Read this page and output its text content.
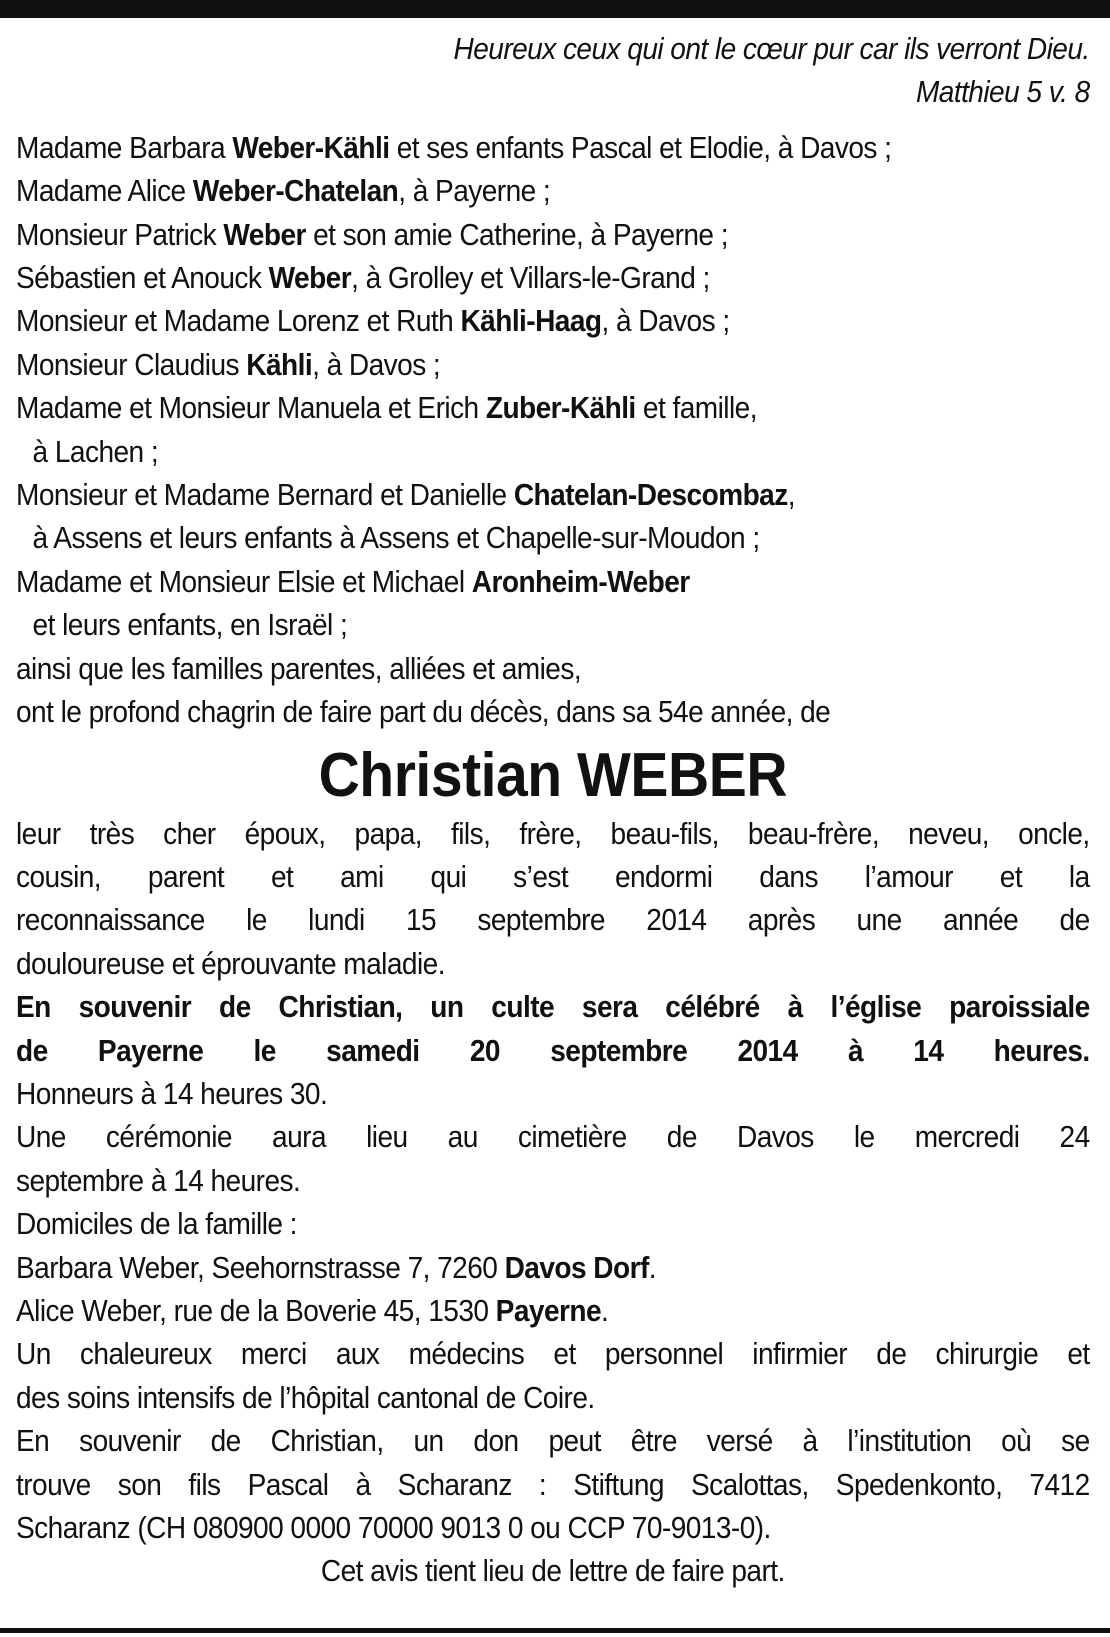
Heureux ceux qui ont le cœur pur car ils verront Dieu.
Matthieu 5 v. 8
Madame Barbara Weber-Kähli et ses enfants Pascal et Elodie, à Davos ;
Madame Alice Weber-Chatelan, à Payerne ;
Monsieur Patrick Weber et son amie Catherine, à Payerne ;
Sébastien et Anouck Weber, à Grolley et Villars-le-Grand ;
Monsieur et Madame Lorenz et Ruth Kähli-Haag, à Davos ;
Monsieur Claudius Kähli, à Davos ;
Madame et Monsieur Manuela et Erich Zuber-Kähli et famille,
à Lachen ;
Monsieur et Madame Bernard et Danielle Chatelan-Descombaz,
à Assens et leurs enfants à Assens et Chapelle-sur-Moudon ;
Madame et Monsieur Elsie et Michael Aronheim-Weber
et leurs enfants, en Israël ;
ainsi que les familles parentes, alliées et amies,
ont le profond chagrin de faire part du décès, dans sa 54e année, de
Christian WEBER
leur très cher époux, papa, fils, frère, beau-fils, beau-frère, neveu, oncle,
cousin, parent et ami qui s’est endormi dans l’amour et la
reconnaissance le lundi 15 septembre 2014 après une année de
douloureuse et éprouvante maladie.
En souvenir de Christian, un culte sera célébré à l’église paroissiale
de Payerne le samedi 20 septembre 2014 à 14 heures.
Honneurs à 14 heures 30.
Une cérémonie aura lieu au cimetière de Davos le mercredi 24
septembre à 14 heures.
Domiciles de la famille :
Barbara Weber, Seehornstrasse 7, 7260 Davos Dorf.
Alice Weber, rue de la Boverie 45, 1530 Payerne.
Un chaleureux merci aux médecins et personnel infirmier de chirurgie et
des soins intensifs de l’hôpital cantonal de Coire.
En souvenir de Christian, un don peut être versé à l’institution où se
trouve son fils Pascal à Scharanz : Stiftung Scalottas, Spedenkonto, 7412
Scharanz (CH 080900 0000 70000 9013 0 ou CCP 70-9013-0).
Cet avis tient lieu de lettre de faire part.
